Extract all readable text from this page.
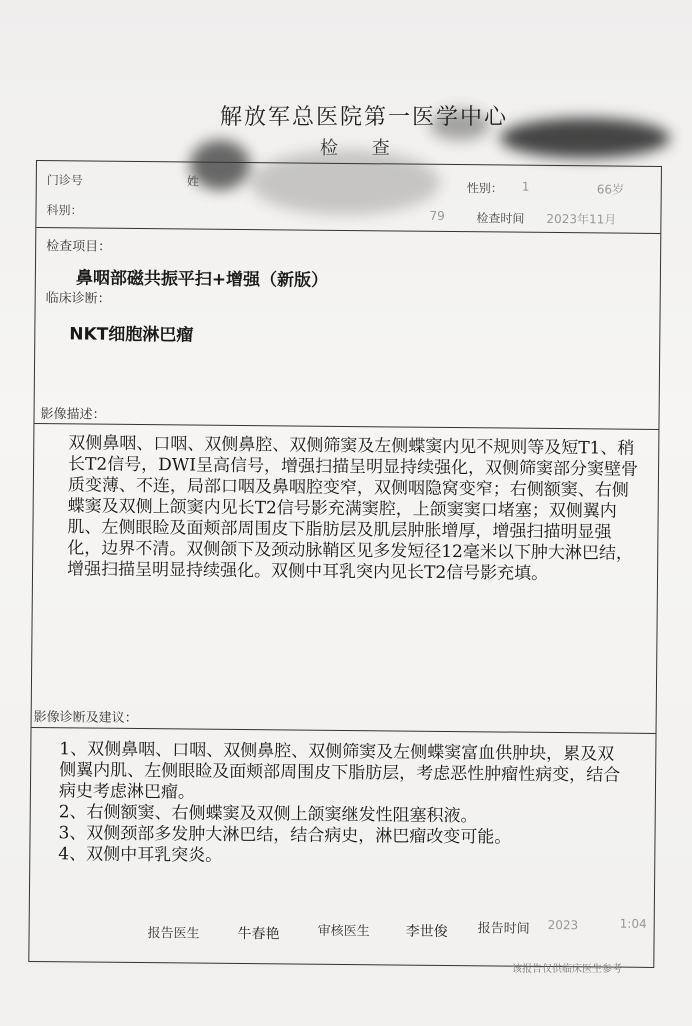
解放军总医院第一医学中心
检 查
门诊号	姓	性别： 1	66岁
科别：	79	检查时间 2023年11月
检查项目：
鼻咽部磁共振平扫+增强（新版）
临床诊断：
NKT细胞淋巴瘤
影像描述：
双侧鼻咽、口咽、双侧鼻腔、双侧筛窦及左侧蝶窦内见不规则等及短T1、稍长T2信号，DWI呈高信号，增强扫描呈明显持续强化，双侧筛窦部分窦壁骨质变薄、不连，局部口咽及鼻咽腔变窄，双侧咽隐窝变窄；右侧额窦、右侧蝶窦及双侧上颌窦内见长T2信号影充满窦腔，上颌窦窦口堵塞；双侧翼内肌、左侧眼睑及面颊部周围皮下脂肪层及肌层肿胀增厚，增强扫描明显强化，边界不清。双侧颌下及颈动脉鞘区见多发短径12毫米以下肿大淋巴结，增强扫描呈明显持续强化。双侧中耳乳突内见长T2信号影充填。
影像诊断及建议：
1、双侧鼻咽、口咽、双侧鼻腔、双侧筛窦及左侧蝶窦富血供肿块，累及双侧翼内肌、左侧眼睑及面颊部周围皮下脂肪层，考虑恶性肿瘤性病变，结合病史考虑淋巴瘤。
2、右侧额窦、右侧蝶窦及双侧上颌窦继发性阻塞积液。
3、双侧颈部多发肿大淋巴结，结合病史，淋巴瘤改变可能。
4、双侧中耳乳突炎。
报告医生	牛春艳	审核医生	李世俊 报告时间 2023	1:04
该报告仅供临床医生参考
